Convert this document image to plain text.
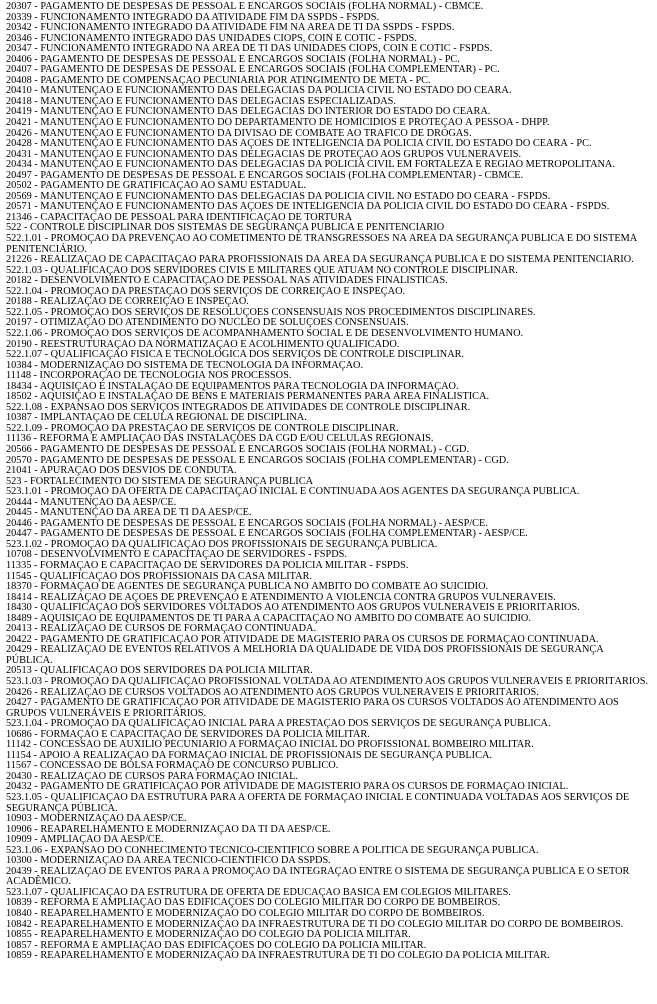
20307 - PAGAMENTO DE DESPESAS DE PESSOAL E ENCARGOS SOCIAIS (FOLHA NORMAL) - CBMCE.
20339 - FUNCIONAMENTO INTEGRADO DA ATIVIDADE FIM DA SSPDS - FSPDS.
20342 - FUNCIONAMENTO INTEGRADO DA ATIVIDADE FIM NA ÁREA DE TI DA SSPDS - FSPDS.
20346 - FUNCIONAMENTO INTEGRADO DAS UNIDADES CIOPS, COIN E COTIC - FSPDS.
20347 - FUNCIONAMENTO INTEGRADO NA ÁREA DE TI DAS UNIDADES CIOPS, COIN E COTIC - FSPDS.
20406 - PAGAMENTO DE DESPESAS DE PESSOAL E ENCARGOS SOCIAIS (FOLHA NORMAL) - PC.
20407 - PAGAMENTO DE DESPESAS DE PESSOAL E ENCARGOS SOCIAIS (FOLHA COMPLEMENTAR) - PC.
20408 - PAGAMENTO DE COMPENSAÇÃO PECUNIÁRIA POR ATINGIMENTO DE META - PC.
20410 - MANUTENÇÃO E FUNCIONAMENTO DAS DELEGACIAS DA POLÍCIA CIVIL NO ESTADO DO CEARÁ.
20418 - MANUTENÇÃO E FUNCIONAMENTO DAS DELEGACIAS ESPECIALIZADAS.
20419 - MANUTENÇÃO E FUNCIONAMENTO DAS DELEGACIAS DO INTERIOR DO ESTADO DO CEARÁ.
20421 - MANUTENÇÃO E FUNCIONAMENTO DO DEPARTAMENTO DE HOMICÍDIOS E PROTEÇÃO À PESSOA - DHPP.
20426 - MANUTENÇÃO E FUNCIONAMENTO DA DIVISÃO DE COMBATE AO TRÁFICO DE DROGAS.
20428 - MANUTENÇÃO E FUNCIONAMENTO DAS AÇÕES DE INTELIGÊNCIA DA POLÍCIA CIVIL DO ESTADO DO CEARÁ - PC.
20431 - MANUTENÇÃO E FUNCIONAMENTO DAS DELEGACIAS DE PROTEÇÃO AOS GRUPOS VULNERÁVEIS.
20434 - MANUTENÇÃO E FUNCIONAMENTO DAS DELEGACIAS DA POLÍCIA CIVIL EM FORTALEZA E REGIÃO METROPOLITANA.
20497 - PAGAMENTO DE DESPESAS DE PESSOAL E ENCARGOS SOCIAIS (FOLHA COMPLEMENTAR) - CBMCE.
20502 - PAGAMENTO DE GRATIFICAÇÃO AO SAMU ESTADUAL.
20569 - MANUTENÇÃO E FUNCIONAMENTO DAS DELEGACIAS DA POLÍCIA CIVIL NO ESTADO DO CEARÁ - FSPDS.
20571 - MANUTENÇÃO E FUNCIONAMENTO DAS AÇÕES DE INTELIGÊNCIA DA POLÍCIA CIVIL DO ESTADO DO CEARÁ - FSPDS.
21346 - CAPACITAÇÃO DE PESSOAL PARA IDENTIFICAÇÃO DE TORTURA
522 - CONTROLE DISCIPLINAR DOS SISTEMAS DE SEGURANÇA PÚBLICA E PENITENCIÁRIO
522.1.01 - PROMOÇÃO DA PREVENÇÃO AO COMETIMENTO DE TRANSGRESSÕES NA ÁREA DA SEGURANÇA PÚBLICA E DO SISTEMA PENITENCIÁRIO.
21226 - REALIZAÇÃO DE CAPACITAÇÃO PARA PROFISSIONAIS DA ÁREA DA SEGURANÇA PÚBLICA E DO SISTEMA PENITENCIÁRIO.
522.1.03 - QUALIFICAÇÃO DOS SERVIDORES CIVIS E MILITARES QUE ATUAM NO CONTROLE DISCIPLINAR.
20182 - DESENVOLVIMENTO E CAPACITAÇÃO DE PESSOAL NAS ATIVIDADES FINALÍSTICAS.
522.1.04 - PROMOÇÃO DA PRESTAÇÃO DOS SERVIÇOS DE CORREIÇÃO E INSPEÇÃO.
20188 - REALIZAÇÃO DE CORREIÇÃO E INSPEÇÃO.
522.1.05 - PROMOÇÃO DOS SERVIÇOS DE RESOLUÇÕES CONSENSUAIS NOS PROCEDIMENTOS DISCIPLINARES.
20197 - OTIMIZAÇÃO DO ATENDIMENTO DO NÚCLEO DE SOLUÇÕES CONSENSUAIS.
522.1.06 - PROMOÇÃO DOS SERVIÇOS DE ACOMPANHAMENTO SOCIAL E DE DESENVOLVIMENTO HUMANO.
20190 - REESTRUTURAÇÃO DA NORMATIZAÇÃO E ACOLHIMENTO QUALIFICADO.
522.1.07 - QUALIFICAÇÃO FÍSICA E TECNOLÓGICA DOS SERVIÇOS DE CONTROLE DISCIPLINAR.
10384 - MODERNIZAÇÃO DO SISTEMA DE TECNOLOGIA DA INFORMAÇÃO.
11148 - INCORPORAÇÃO DE TECNOLOGIA NOS PROCESSOS.
18434 - AQUISIÇÃO E INSTALAÇÃO DE EQUIPAMENTOS PARA TECNOLOGIA DA INFORMAÇÃO.
18502 - AQUISIÇÃO E INSTALAÇÃO DE BENS E MATERIAIS PERMANENTES PARA ÁREA FINALÍSTICA.
522.1.08 - EXPANSÃO DOS SERVIÇOS INTEGRADOS DE ATIVIDADES DE CONTROLE DISCIPLINAR.
10387 - IMPLANTAÇÃO DE CÉLULA REGIONAL DE DISCIPLINA.
522.1.09 - PROMOÇÃO DA PRESTAÇÃO DE SERVIÇOS DE CONTROLE DISCIPLINAR.
11136 - REFORMA E AMPLIAÇÃO DAS INSTALAÇÕES DA CGD E/OU CÉLULAS REGIONAIS.
20566 - PAGAMENTO DE DESPESAS DE PESSOAL E ENCARGOS SOCIAIS (FOLHA NORMAL) - CGD.
20570 - PAGAMENTO DE DESPESAS DE PESSOAL E ENCARGOS SOCIAIS (FOLHA COMPLEMENTAR) - CGD.
21041 - APURAÇÃO DOS DESVIOS DE CONDUTA.
523 - FORTALECIMENTO DO SISTEMA DE SEGURANÇA PÚBLICA
523.1.01 - PROMOÇÃO DA OFERTA DE CAPACITAÇÃO INICIAL E CONTINUADA AOS AGENTES DA SEGURANÇA PÚBLICA.
20444 - MANUTENÇÃO DA AESP/CE.
20445 - MANUTENÇÃO DA ÁREA DE TI DA AESP/CE.
20446 - PAGAMENTO DE DESPESAS DE PESSOAL E ENCARGOS SOCIAIS (FOLHA NORMAL) - AESP/CE.
20447 - PAGAMENTO DE DESPESAS DE PESSOAL E ENCARGOS SOCIAIS (FOLHA COMPLEMENTAR) - AESP/CE.
523.1.02 - PROMOÇÃO DA QUALIFICAÇÃO DOS PROFISSIONAIS DE SEGURANÇA PÚBLICA.
10708 - DESENVOLVIMENTO E CAPACITAÇÃO DE SERVIDORES - FSPDS.
11335 - FORMAÇÃO E CAPACITAÇÃO DE SERVIDORES DA POLÍCIA MILITAR - FSPDS.
11545 - QUALIFICAÇÃO DOS PROFISSIONAIS DA CASA MILITAR.
18370 - FORMAÇÃO DE AGENTES DE SEGURANÇA PÚBLICA NO ÂMBITO DO COMBATE AO SUICÍDIO.
18414 - REALIZAÇÃO DE AÇÕES DE PREVENÇÃO E ATENDIMENTO À VIOLÊNCIA CONTRA GRUPOS VULNERÁVEIS.
18430 - QUALIFICAÇÃO DOS SERVIDORES VOLTADOS AO ATENDIMENTO AOS GRUPOS VULNERÁVEIS E PRIORITÁRIOS.
18489 - AQUISIÇÃO DE EQUIPAMENTOS DE TI PARA A CAPACITAÇÃO NO ÂMBITO DO COMBATE AO SUICÍDIO.
20413 - REALIZAÇÃO DE CURSOS DE FORMAÇÃO CONTINUADA.
20422 - PAGAMENTO DE GRATIFICAÇÃO POR ATIVIDADE DE MAGISTÉRIO PARA OS CURSOS DE FORMAÇÃO CONTINUADA.
20429 - REALIZAÇÃO DE EVENTOS RELATIVOS À MELHORIA DA QUALIDADE DE VIDA DOS PROFISSIONAIS DE SEGURANÇA PÚBLICA.
20513 - QUALIFICAÇÃO DOS SERVIDORES DA POLÍCIA MILITAR.
523.1.03 - PROMOÇÃO DA QUALIFICAÇÃO PROFISSIONAL VOLTADA AO ATENDIMENTO AOS GRUPOS VULNERÁVEIS E PRIORITÁRIOS.
20426 - REALIZAÇÃO DE CURSOS VOLTADOS AO ATENDIMENTO AOS GRUPOS VULNERÁVEIS E PRIORITÁRIOS.
20427 - PAGAMENTO DE GRATIFICAÇÃO POR ATIVIDADE DE MAGISTÉRIO PARA OS CURSOS VOLTADOS AO ATENDIMENTO AOS GRUPOS VULNERÁVEIS E PRIORITÁRIOS.
523.1.04 - PROMOÇÃO DA QUALIFICAÇÃO INICIAL PARA A PRESTAÇÃO DOS SERVIÇOS DE SEGURANÇA PÚBLICA.
10686 - FORMAÇÃO E CAPACITAÇÃO DE SERVIDORES DA POLÍCIA MILITAR.
11142 - CONCESSÃO DE AUXÍLIO PECUNIÁRIO A FORMAÇÃO INICIAL DO PROFISSIONAL BOMBEIRO MILITAR.
11154 - APOIO À REALIZAÇÃO DA FORMAÇÃO INICIAL DE PROFISSIONAIS DE SEGURANÇA PÚBLICA.
11567 - CONCESSÃO DE BOLSA FORMAÇÃO DE CONCURSO PÚBLICO.
20430 - REALIZAÇÃO DE CURSOS PARA FORMAÇÃO INICIAL.
20432 - PAGAMENTO DE GRATIFICAÇÃO POR ATIVIDADE DE MAGISTÉRIO PARA OS CURSOS DE FORMAÇÃO INICIAL.
523.1.05 - QUALIFICAÇÃO DA ESTRUTURA PARA A OFERTA DE FORMAÇÃO INICIAL E CONTINUADA VOLTADAS AOS SERVIÇOS DE SEGURANÇA PÚBLICA.
10903 - MODERNIZAÇÃO DA AESP/CE.
10906 - REAPARELHAMENTO E MODERNIZAÇÃO DA TI DA AESP/CE.
10909 - AMPLIAÇÃO DA AESP/CE.
523.1.06 - EXPANSÃO DO CONHECIMENTO TÉCNICO-CIENTÍFICO SOBRE A POLÍTICA DE SEGURANÇA PÚBLICA.
10300 - MODERNIZAÇÃO DA ÁREA TÉCNICO-CIENTÍFICO DA SSPDS.
20439 - REALIZAÇÃO DE EVENTOS PARA A PROMOÇÃO DA INTEGRAÇÃO ENTRE O SISTEMA DE SEGURANÇA PÚBLICA E O SETOR ACADÊMICO.
523.1.07 - QUALIFICAÇÃO DA ESTRUTURA DE OFERTA DE EDUCAÇÃO BÁSICA EM COLÉGIOS MILITARES.
10839 - REFORMA E AMPLIAÇÃO DAS EDIFICAÇÕES DO COLÉGIO MILITAR DO CORPO DE BOMBEIROS.
10840 - REAPARELHAMENTO E MODERNIZAÇÃO DO COLÉGIO MILITAR DO CORPO DE BOMBEIROS.
10842 - REAPARELHAMENTO E MODERNIZAÇÃO DA INFRAESTRUTURA DE TI DO COLÉGIO MILITAR DO CORPO DE BOMBEIROS.
10855 - REAPARELHAMENTO E MODERNIZAÇÃO DO COLÉGIO DA POLÍCIA MILITAR.
10857 - REFORMA E AMPLIAÇÃO DAS EDIFICAÇÕES DO COLÉGIO DA POLÍCIA MILITAR.
10859 - REAPARELHAMENTO E MODERNIZAÇÃO DA INFRAESTRUTURA DE TI DO COLÉGIO DA POLÍCIA MILITAR.
